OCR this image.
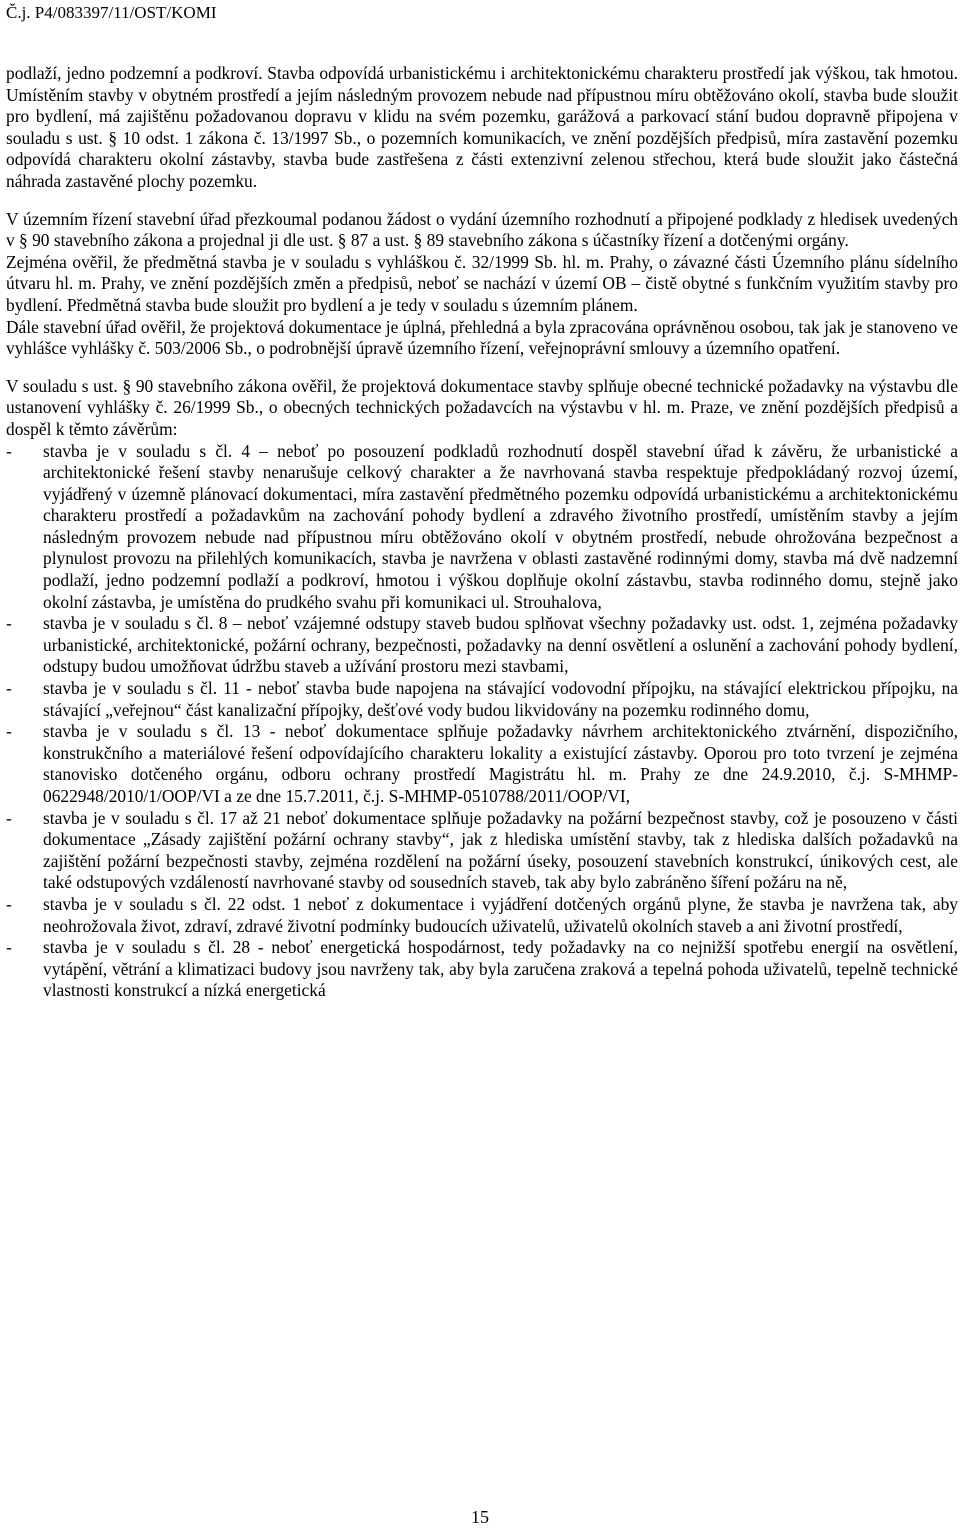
Č.j. P4/083397/11/OST/KOMI

podlaží, jedno podzemní a podkroví. Stavba odpovídá urbanistickému i architektonickému charakteru prostředí jak výškou, tak hmotou. Umístěním stavby v obytném prostředí a jejím následným provozem nebude nad přípustnou míru obtěžováno okolí, stavba bude sloužit pro bydlení, má zajištěnu požadovanou dopravu v klidu na svém pozemku, garážová a parkovací stání budou dopravně připojena v souladu s ust. § 10 odst. 1 zákona č. 13/1997 Sb., o pozemních komunikacích, ve znění pozdějších předpisů, míra zastavění pozemku odpovídá charakteru okolní zástavby, stavba bude zastřešena z části extenzivní zelenou střechou, která bude sloužit jako částečná náhrada zastavěné plochy pozemku.

V územním řízení stavební úřad přezkoumal podanou žádost o vydání územního rozhodnutí a připojené podklady z hledisek uvedených v § 90 stavebního zákona a projednal ji dle ust. § 87 a ust. § 89 stavebního zákona s účastníky řízení a dotčenými orgány.

Zejména ověřil, že předmětná stavba je v souladu s vyhláškou č. 32/1999 Sb. hl. m. Prahy, o závazné části Územního plánu sídelního útvaru hl. m. Prahy, ve znění pozdějších změn a předpisů, neboť se nachází v území OB – čistě obytné s funkčním využitím stavby pro bydlení. Předmětná stavba bude sloužit pro bydlení a je tedy v souladu s územním plánem.

Dále stavební úřad ověřil, že projektová dokumentace je úplná, přehledná a byla zpracována oprávněnou osobou, tak jak je stanoveno ve vyhlášce vyhlášky č. 503/2006 Sb., o podrobnější úpravě územního řízení, veřejnoprávní smlouvy a územního opatření.

V souladu s ust. § 90 stavebního zákona ověřil, že projektová dokumentace stavby splňuje obecné technické požadavky na výstavbu dle ustanovení vyhlášky č. 26/1999 Sb., o obecných technických požadavcích na výstavbu v hl. m. Praze, ve znění pozdějších předpisů a dospěl k těmto závěrům:

- stavba je v souladu s čl. 4 – neboť po posouzení podkladů rozhodnutí dospěl stavební úřad k závěru, že urbanistické a architektonické řešení stavby nenarušuje celkový charakter a že navrhovaná stavba respektuje předpokládaný rozvoj území, vyjádřený v územně plánovací dokumentaci, míra zastavění předmětného pozemku odpovídá urbanistickému a architektonickému charakteru prostředí a požadavkům na zachování pohody bydlení a zdravého životního prostředí, umístěním stavby a jejím následným provozem nebude nad přípustnou míru obtěžováno okolí v obytném prostředí, nebude ohrožována bezpečnost a plynulost provozu na přilehlých komunikacích, stavba je navržena v oblasti zastavěné rodinnými domy, stavba má dvě nadzemní podlaží, jedno podzemní podlaží a podkroví, hmotou i výškou doplňuje okolní zástavbu, stavba rodinného domu, stejně jako okolní zástavba, je umístěna do prudkého svahu při komunikaci ul. Strouhalova,
- stavba je v souladu s čl. 8 – neboť vzájemné odstupy staveb budou splňovat všechny požadavky ust. odst. 1, zejména požadavky urbanistické, architektonické, požární ochrany, bezpečnosti, požadavky na denní osvětlení a oslunění a zachování pohody bydlení, odstupy budou umožňovat údržbu staveb a užívání prostoru mezi stavbami,
- stavba je v souladu s čl. 11 - neboť stavba bude napojena na stávající vodovodní přípojku, na stávající elektrickou přípojku, na stávající „veřejnou“ část kanalizační přípojky, dešťové vody budou likvidovány na pozemku rodinného domu,
- stavba je v souladu s čl. 13 - neboť dokumentace splňuje požadavky návrhem architektonického ztvárnění, dispozičního, konstrukčního a materiálové řešení odpovídajícího charakteru lokality a existující zástavby. Oporou pro toto tvrzení je zejména stanovisko dotčeného orgánu, odboru ochrany prostředí Magistrátu hl. m. Prahy ze dne 24.9.2010, č.j. S-MHMP-0622948/2010/1/OOP/VI a ze dne 15.7.2011, č.j. S-MHMP-0510788/2011/OOP/VI,
- stavba je v souladu s čl. 17 až 21 neboť dokumentace splňuje požadavky na požární bezpečnost stavby, což je posouzeno v části dokumentace „Zásady zajištění požární ochrany stavby“, jak z hlediska umístění stavby, tak z hlediska dalších požadavků na zajištění požární bezpečnosti stavby, zejména rozdělení na požární úseky, posouzení stavebních konstrukcí, únikových cest, ale také odstupových vzdáleností navrhované stavby od sousedních staveb, tak aby bylo zabráněno šíření požáru na ně,
- stavba je v souladu s čl. 22 odst. 1 neboť z dokumentace i vyjádření dotčených orgánů plyne, že stavba je navržena tak, aby neohrožovala život, zdraví, zdravé životní podmínky budoucích uživatelů, uživatelů okolních staveb a ani životní prostředí,
- stavba je v souladu s čl. 28 - neboť energetická hospodárnost, tedy požadavky na co nejnižší spotřebu energií na osvětlení, vytápění, větrání a klimatizaci budovy jsou navrženy tak, aby byla zaručena zraková a tepelná pohoda uživatelů, tepelně technické vlastnosti konstrukcí a nízká energetická
15
